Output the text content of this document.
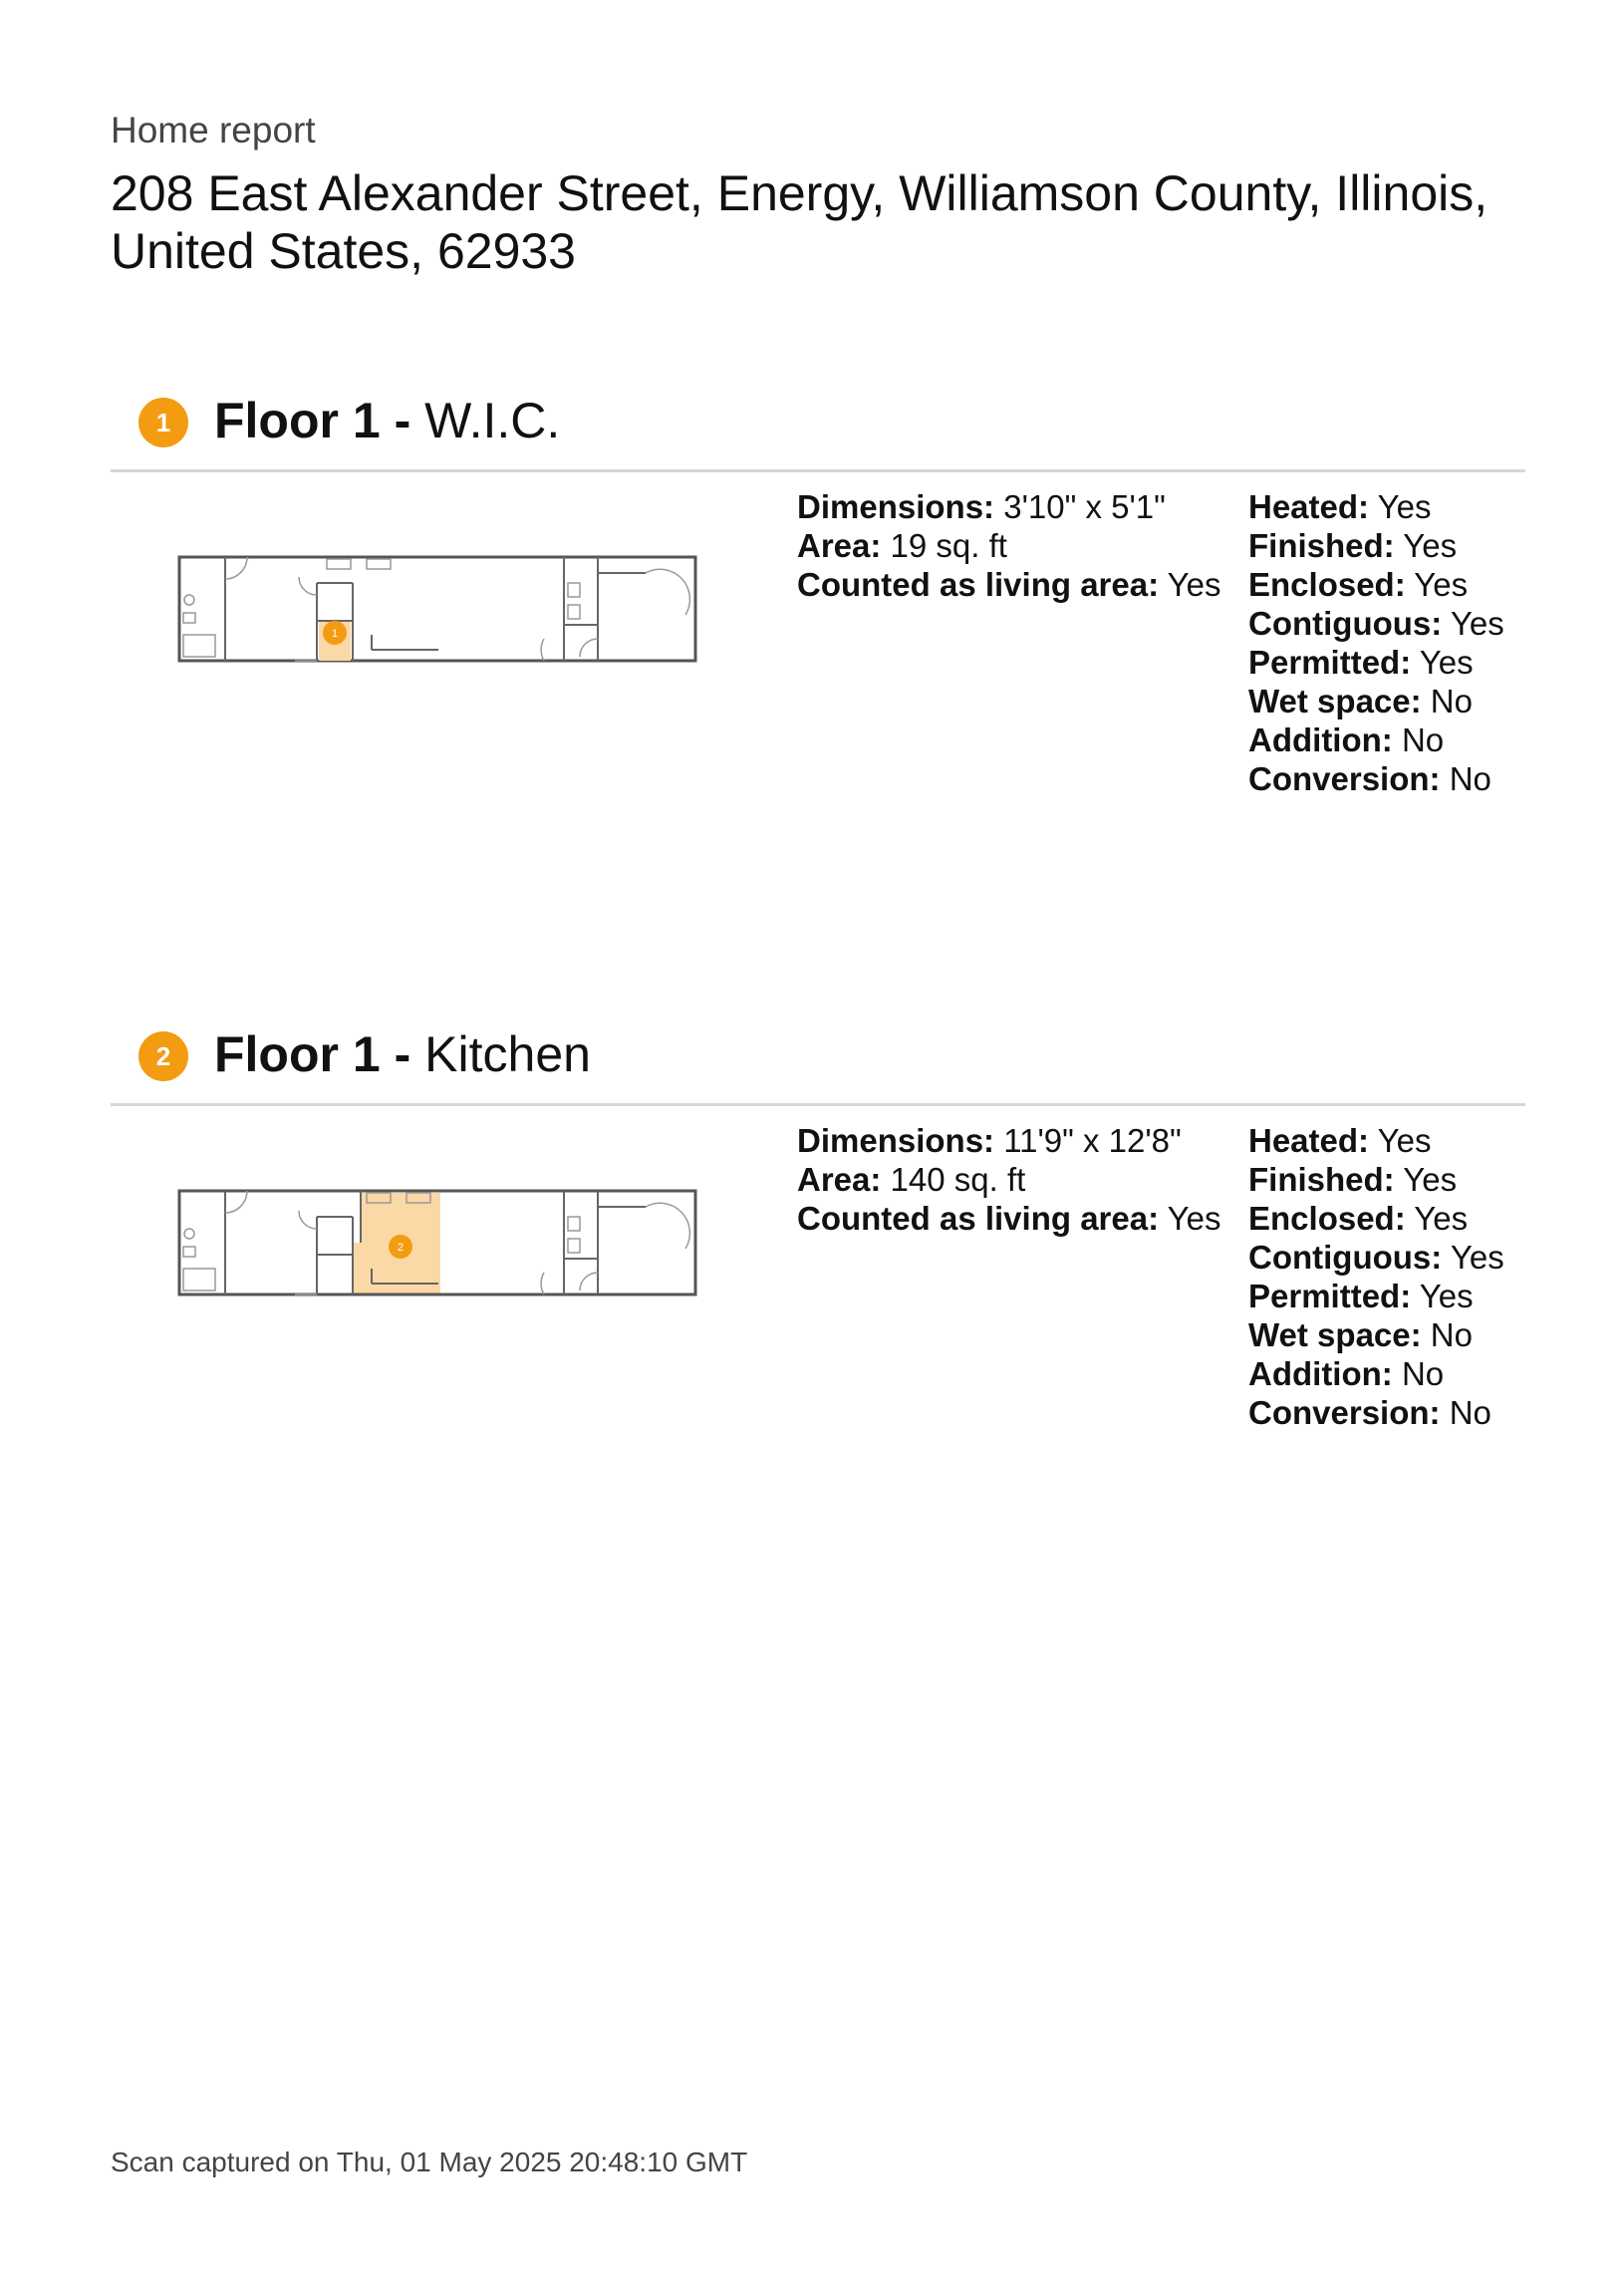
Home report
208 East Alexander Street, Energy, Williamson County, Illinois, United States, 62933
1 Floor 1 - W.I.C.
1
Dimensions: 3'10" x 5'1"
Area: 19 sq. ft
Counted as living area: Yes
Heated: Yes
Finished: Yes
Enclosed: Yes
Contiguous: Yes
Permitted: Yes
Wet space: No
Addition: No
Conversion: No
2 Floor 1 - Kitchen
2
Dimensions: 11'9" x 12'8"
Area: 140 sq. ft
Counted as living area: Yes
Heated: Yes
Finished: Yes
Enclosed: Yes
Contiguous: Yes
Permitted: Yes
Wet space: No
Addition: No
Conversion: No
Scan captured on Thu, 01 May 2025 20:48:10 GMT
